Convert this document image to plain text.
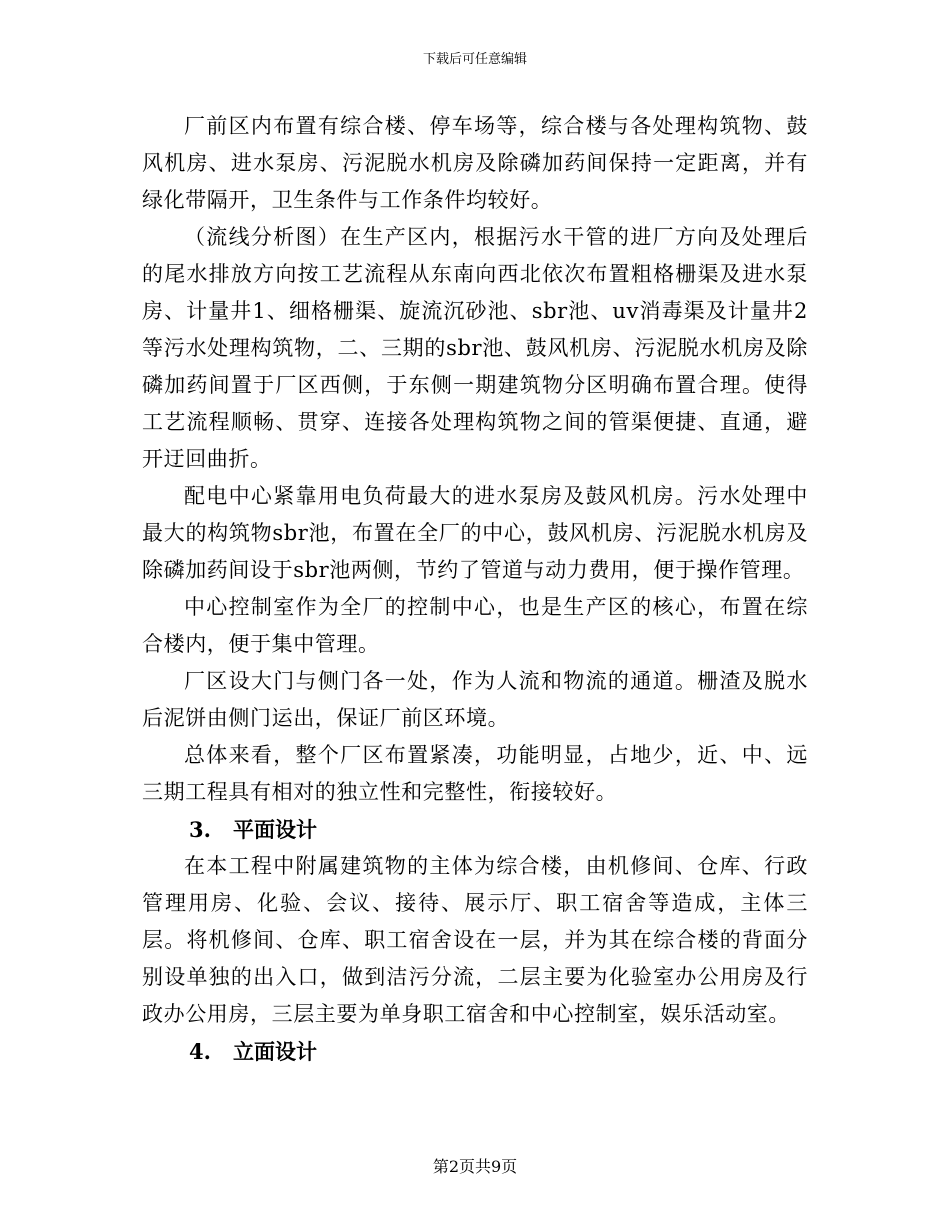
下载后可任意编辑

厂前区内布置有综合楼、停车场等，综合楼与各处理构筑物、鼓风机房、进水泵房、污泥脱水机房及除磷加药间保持一定距离，并有绿化带隔开，卫生条件与工作条件均较好。

（流线分析图）在生产区内，根据污水干管的进厂方向及处理后的尾水排放方向按工艺流程从东南向西北依次布置粗格栅渠及进水泵房、计量井1、细格栅渠、旋流沉砂池、sbr池、uv消毒渠及计量井2等污水处理构筑物，二、三期的sbr池、鼓风机房、污泥脱水机房及除磷加药间置于厂区西侧，于东侧一期建筑物分区明确布置合理。使得工艺流程顺畅、贯穿、连接各处理构筑物之间的管渠便捷、直通，避开迂回曲折。

配电中心紧靠用电负荷最大的进水泵房及鼓风机房。污水处理中最大的构筑物sbr池，布置在全厂的中心，鼓风机房、污泥脱水机房及除磷加药间设于sbr池两侧，节约了管道与动力费用，便于操作管理。

中心控制室作为全厂的控制中心，也是生产区的核心，布置在综合楼内，便于集中管理。

厂区设大门与侧门各一处，作为人流和物流的通道。栅渣及脱水后泥饼由侧门运出，保证厂前区环境。

总体来看，整个厂区布置紧凑，功能明显，占地少，近、中、远三期工程具有相对的独立性和完整性，衔接较好。

3. 平面设计

在本工程中附属建筑物的主体为综合楼，由机修间、仓库、行政管理用房、化验、会议、接待、展示厅、职工宿舍等造成，主体三层。将机修间、仓库、职工宿舍设在一层，并为其在综合楼的背面分别设单独的出入口，做到洁污分流，二层主要为化验室办公用房及行政办公用房，三层主要为单身职工宿舍和中心控制室，娱乐活动室。

4. 立面设计
第2页共9页
